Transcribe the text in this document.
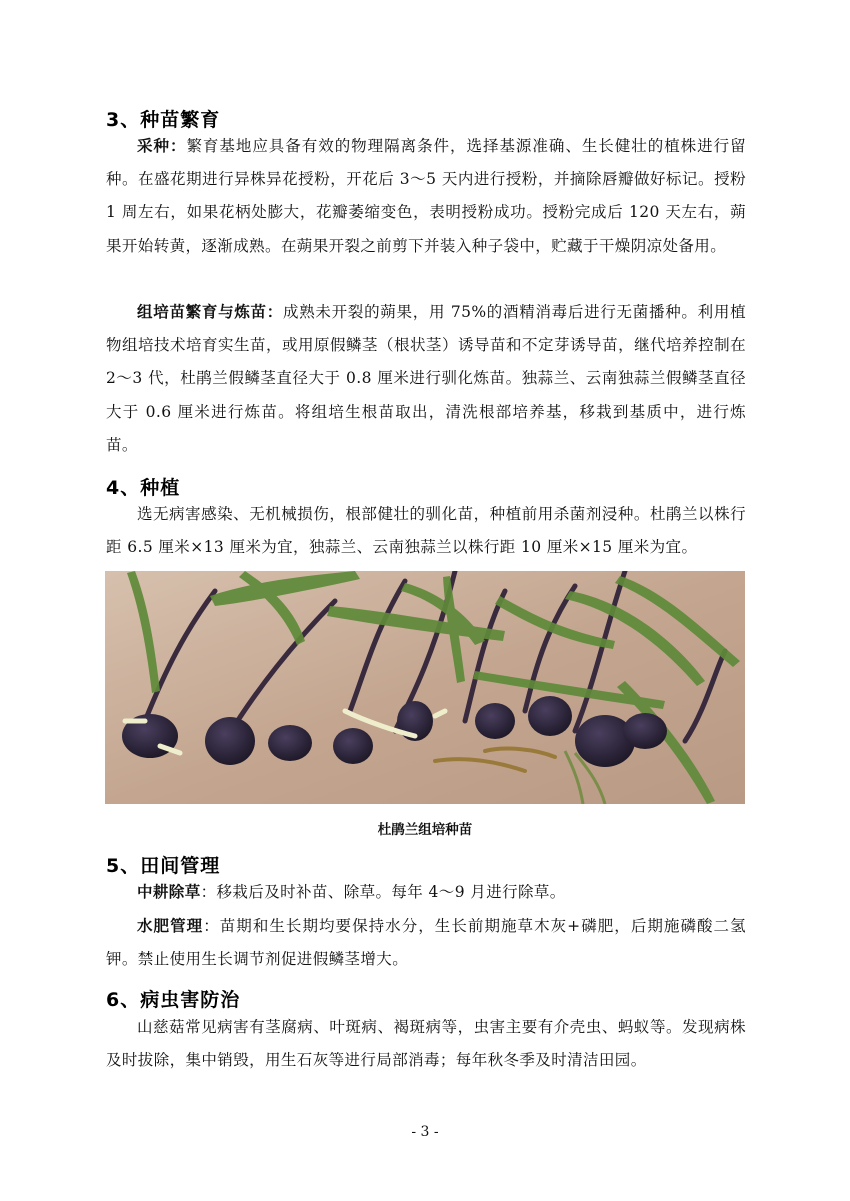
3、种苗繁育

采种：繁育基地应具备有效的物理隔离条件，选择基源准确、生长健壮的植株进行留种。在盛花期进行异株异花授粉，开花后 3～5 天内进行授粉，并摘除唇瓣做好标记。授粉 1 周左右，如果花柄处膨大，花瓣萎缩变色，表明授粉成功。授粉完成后 120 天左右，蒴果开始转黄，逐渐成熟。在蒴果开裂之前剪下并装入种子袋中，贮藏于干燥阴凉处备用。

组培苗繁育与炼苗：成熟未开裂的蒴果，用 75%的酒精消毒后进行无菌播种。利用植物组培技术培育实生苗，或用原假鳞茎（根状茎）诱导苗和不定芽诱导苗，继代培养控制在 2～3 代，杜鹃兰假鳞茎直径大于 0.8 厘米进行驯化炼苗。独蒜兰、云南独蒜兰假鳞茎直径大于 0.6 厘米进行炼苗。将组培生根苗取出，清洗根部培养基，移栽到基质中，进行炼苗。

4、种植

选无病害感染、无机械损伤，根部健壮的驯化苗，种植前用杀菌剂浸种。杜鹃兰以株行距 6.5 厘米×13 厘米为宜，独蒜兰、云南独蒜兰以株行距 10 厘米×15 厘米为宜。

杜鹃兰组培种苗
5、田间管理

中耕除草：移栽后及时补苗、除草。每年 4～9 月进行除草。

水肥管理：苗期和生长期均要保持水分，生长前期施草木灰+磷肥，后期施磷酸二氢钾。禁止使用生长调节剂促进假鳞茎增大。

6、病虫害防治

山慈菇常见病害有茎腐病、叶斑病、褐斑病等，虫害主要有介壳虫、蚂蚁等。发现病株及时拔除，集中销毁，用生石灰等进行局部消毒；每年秋冬季及时清洁田园。

- 3 -
